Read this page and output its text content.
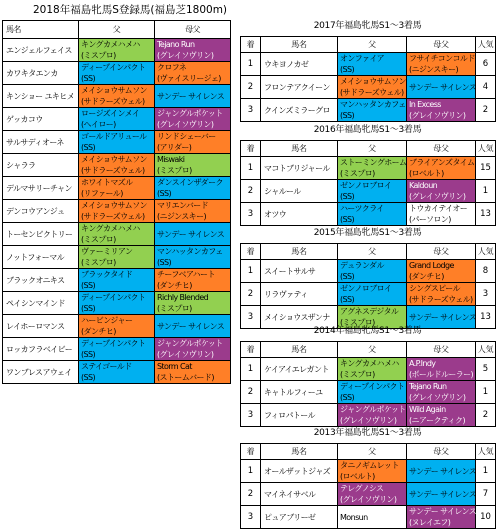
2018年福島牝馬S登録馬(福島芝1800m)
馬名	父	母父
エンジェルフェイス	キングカメハメハ
(ミスプロ)	Tejano Run
(グレイソヴリン)

カワキタエンカ	ディープインパクト
(SS)	クロフネ
(ヴァイスリージェ)

キンショー ユキヒメ	メイショウサムソン
(サドラーズウェル)	サンデー サイレンス

ゲッカコウ	ロージズインメイ
(ヘイロー)	ジャングルポケット
(グレイソヴリン)

サルサディオーネ	ゴールドアリュール
(SS)	リンドシェーバー
(アリダー)

シャララ	メイショウサムソン
(サドラーズウェル)	Miswaki
(ミスプロ)

デルマサリーチャン	ホワイトマズル
(リファール)	ダンスインザダーク
(SS)

デンコウアンジュ	メイショウサムソン
(サドラーズウェル)	マリエンバード
(ニジンスキー)

トーセンビクトリー	キングカメハメハ
(ミスプロ)	サンデー サイレンス

ノットフォーマル	ヴァーミリアン
(ミスプロ)	マンハッタンカフェ
(SS)

ブラックオニキス	ブラックタイド
(SS)	チーフベアハート
(ダンチヒ)

ペイシンマインド	ディープインパクト
(SS)	Richly Blended
(ミスプロ)

レイホーロマンス	ハービンジャー
(ダンチヒ)	サンデー サイレンス

ロッカフラベイビー	ディープインパクト
(SS)	ジャングルポケット
(グレイソヴリン)

ワンブレスアウェイ	ステイゴールド
(SS)	Storm Cat
(ストームバード)
2017年福島牝馬S1～3着馬
着	馬名	父	母父	人気
1	ウキヨノカゼ	オンファイア
(SS)	フサイチコンコルド
(ニジンスキー)	6
2	フロンテアクイーン	メイショウサムソン
(サドラーズウェル)	サンデー サイレンス	4
3	クインズミラーグロ	マンハッタンカフェ
(SS)	In Excess
(グレイソヴリン)	2
2016年福島牝馬S1～3着馬
着	馬名	父	母父	人気
1	マコトブリジャール	ストーミングホーム
(ミスプロ)	ブライアンズタイム
(ロベルト)	15
2	シャルール	ゼンノロブロイ
(SS)	Kaldoun
(グレイソヴリン)	1
3	オツウ	ハーツクライ
(SS)	トウカイテイオー
(パーソロン)	13
2015年福島牝馬S1～3着馬
着	馬名	父	母父	人気
1	スイートサルサ	デュランダル
(SS)	Grand Lodge
(ダンチヒ)	8
2	リラヴァティ	ゼンノロブロイ
(SS)	シングスピール
(サドラーズウェル)	3
3	メイショウスザンナ	アグネスデジタル
(ミスプロ)	サンデー サイレンス	13
2014年福島牝馬S1～3着馬
着	馬名	父	母父	人気
1	ケイアイエレガント	キングカメハメハ
(ミスプロ)	A.P.Indy
(ボールドルーラー)	5
2	キャトルフィーユ	ディープインパクト
(SS)	Tejano Run
(グレイソヴリン)	1
3	フィロパトール	ジャングルポケット
(グレイソヴリン)	Wild Again
(ニアークティク)	2
2013年福島牝馬S1～3着馬
着	馬名	父	母父	人気
1	オールザットジャズ	タニノギムレット
(ロベルト)	サンデー サイレンス	1
2	マイネイサベル	テレグノシス
(グレイソヴリン)	サンデー サイレンス	7
3	ピュアブリーゼ	Monsun	サンデー サイレンス
(ヌレイエフ)	10
